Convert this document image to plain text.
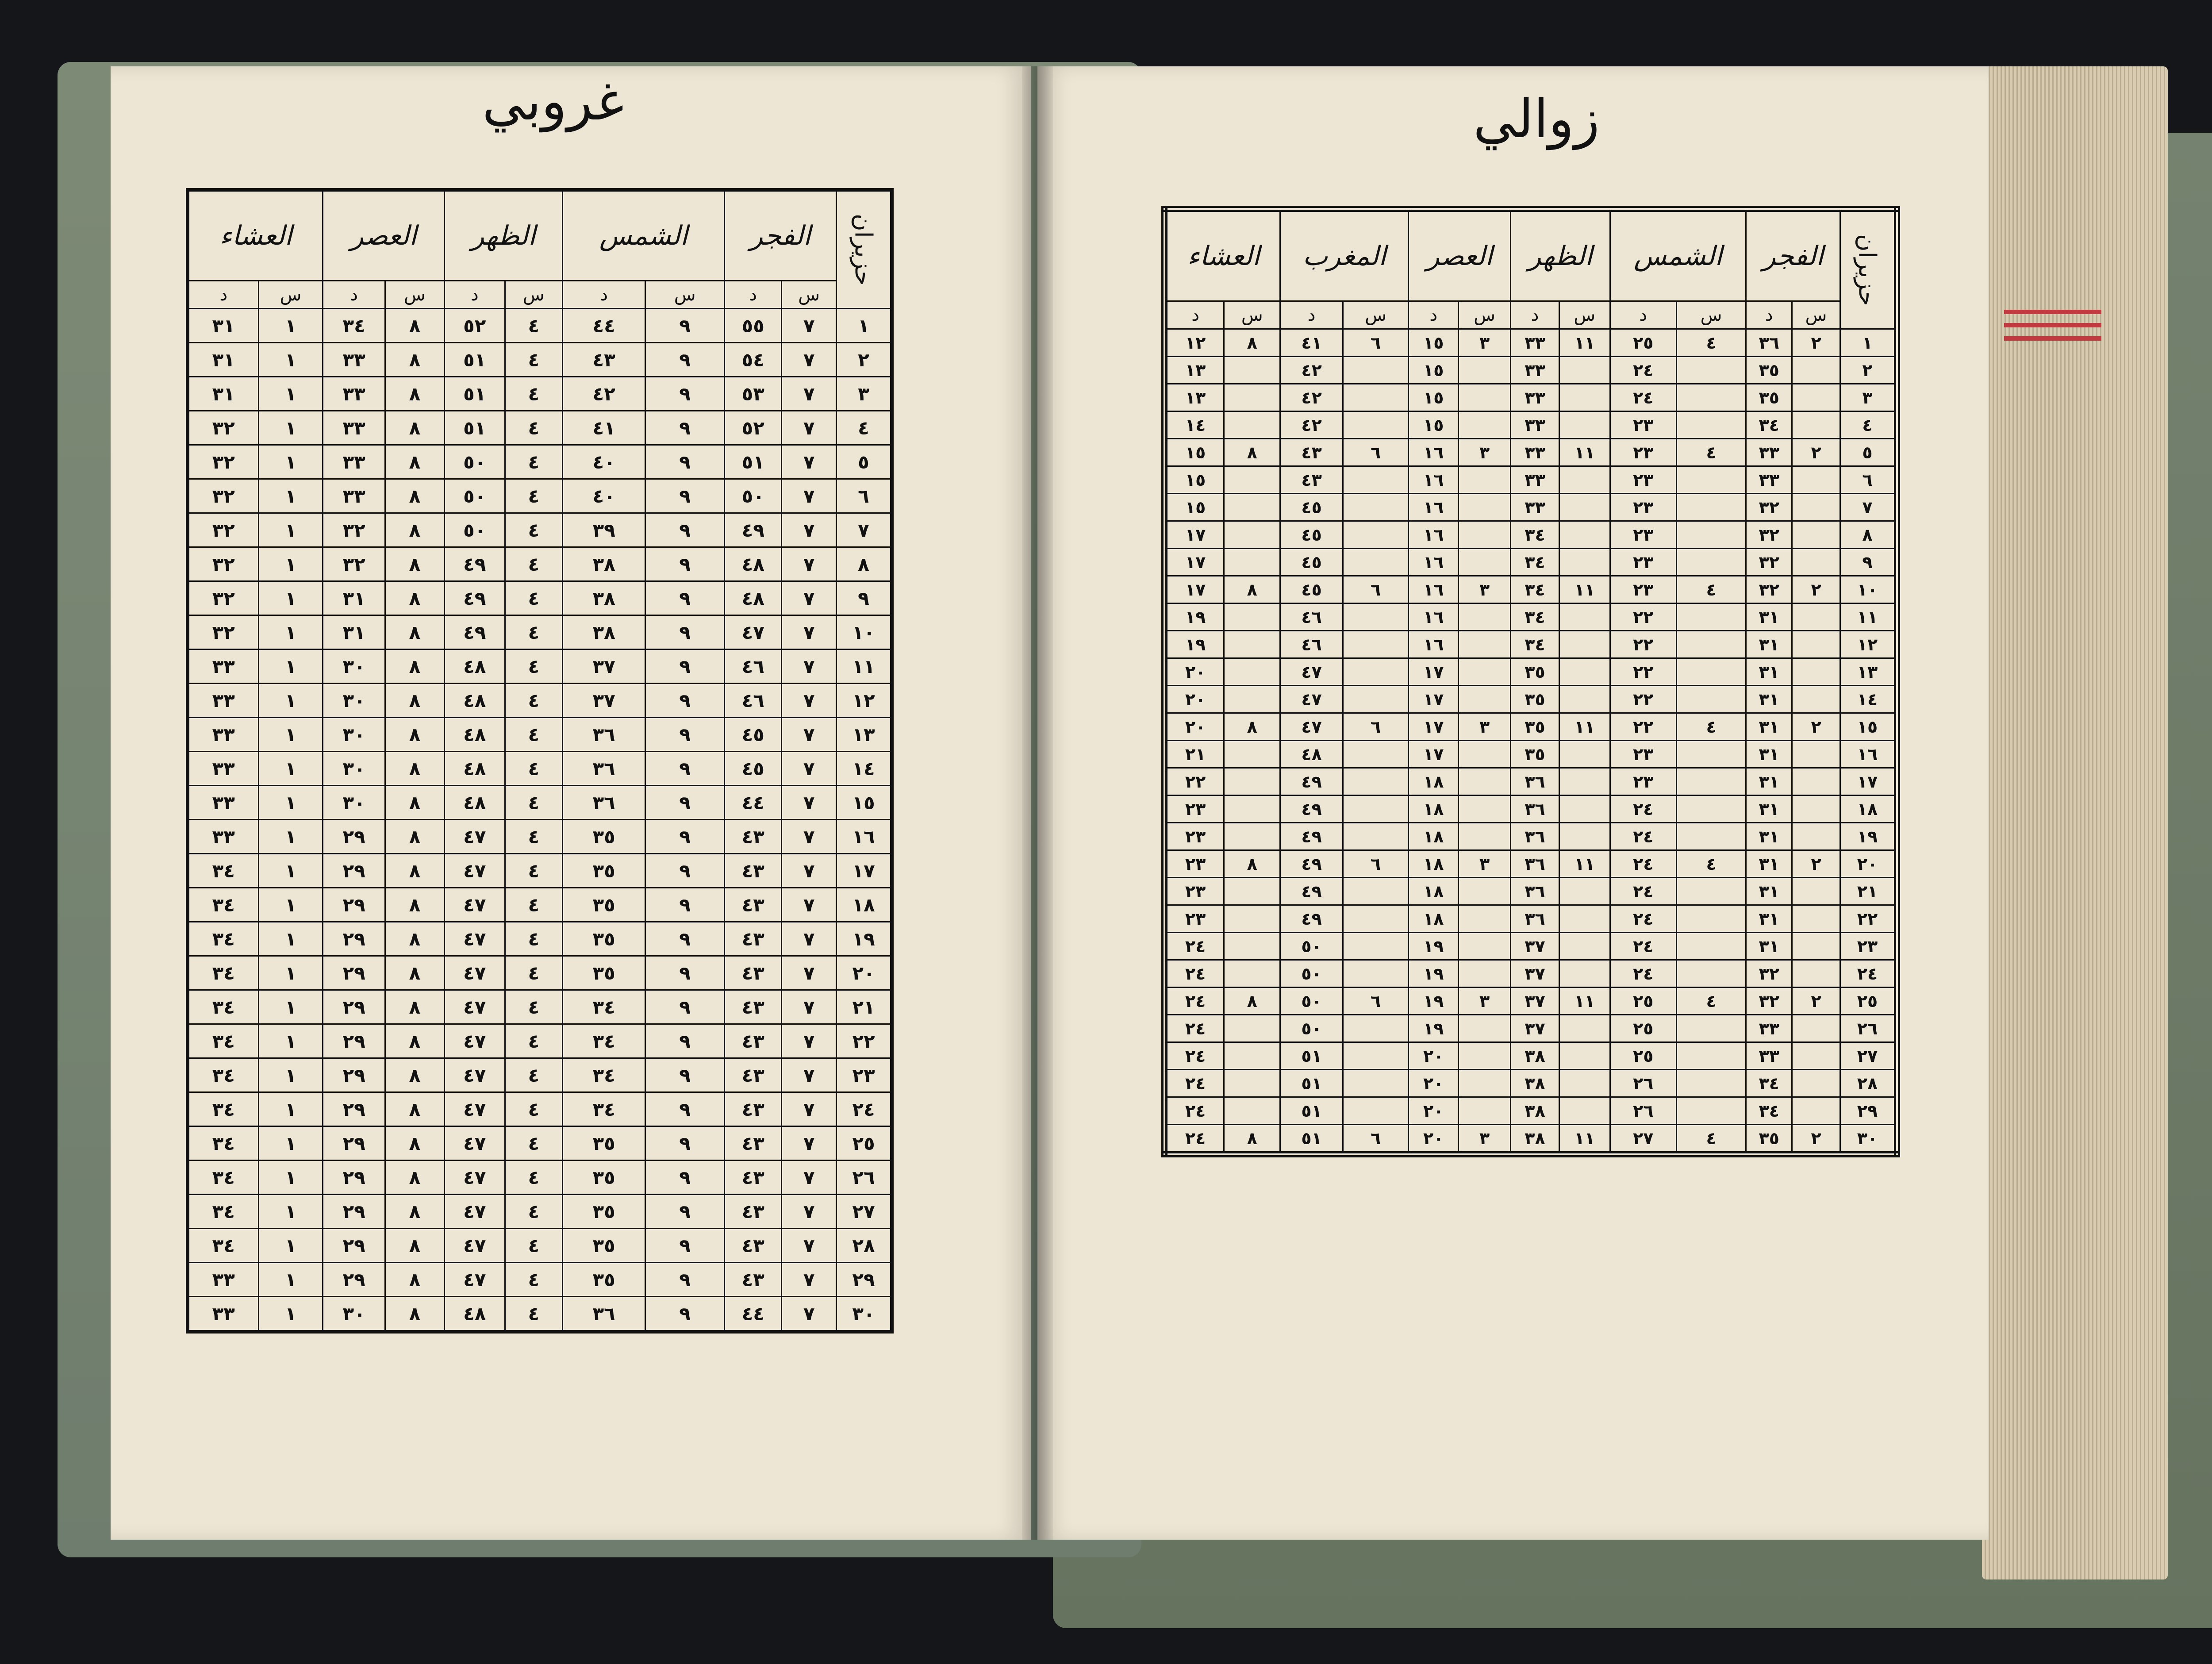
غروبي	زوالي
حزيران	الفجر		الشمس		الظهر		العصر		العشاء	
	س	د	س	د	س	د	س	د	س	د
١	٧	٥٥	٩	٤٤	٤	٥٢	٨	٣٤	١	٣١
٢	٧	٥٤	٩	٤٣	٤	٥١	٨	٣٣	١	٣١
٣	٧	٥٣	٩	٤٢	٤	٥١	٨	٣٣	١	٣١
٤	٧	٥٢	٩	٤١	٤	٥١	٨	٣٣	١	٣٢
٥	٧	٥١	٩	٤٠	٤	٥٠	٨	٣٣	١	٣٢
٦	٧	٥٠	٩	٤٠	٤	٥٠	٨	٣٣	١	٣٢
٧	٧	٤٩	٩	٣٩	٤	٥٠	٨	٣٢	١	٣٢
٨	٧	٤٨	٩	٣٨	٤	٤٩	٨	٣٢	١	٣٢
٩	٧	٤٨	٩	٣٨	٤	٤٩	٨	٣١	١	٣٢
١٠	٧	٤٧	٩	٣٨	٤	٤٩	٨	٣١	١	٣٢
١١	٧	٤٦	٩	٣٧	٤	٤٨	٨	٣٠	١	٣٣
١٢	٧	٤٦	٩	٣٧	٤	٤٨	٨	٣٠	١	٣٣
١٣	٧	٤٥	٩	٣٦	٤	٤٨	٨	٣٠	١	٣٣
١٤	٧	٤٥	٩	٣٦	٤	٤٨	٨	٣٠	١	٣٣
١٥	٧	٤٤	٩	٣٦	٤	٤٨	٨	٣٠	١	٣٣
١٦	٧	٤٣	٩	٣٥	٤	٤٧	٨	٢٩	١	٣٣
١٧	٧	٤٣	٩	٣٥	٤	٤٧	٨	٢٩	١	٣٤
١٨	٧	٤٣	٩	٣٥	٤	٤٧	٨	٢٩	١	٣٤
١٩	٧	٤٣	٩	٣٥	٤	٤٧	٨	٢٩	١	٣٤
٢٠	٧	٤٣	٩	٣٥	٤	٤٧	٨	٢٩	١	٣٤
٢١	٧	٤٣	٩	٣٤	٤	٤٧	٨	٢٩	١	٣٤
٢٢	٧	٤٣	٩	٣٤	٤	٤٧	٨	٢٩	١	٣٤
٢٣	٧	٤٣	٩	٣٤	٤	٤٧	٨	٢٩	١	٣٤
٢٤	٧	٤٣	٩	٣٤	٤	٤٧	٨	٢٩	١	٣٤
٢٥	٧	٤٣	٩	٣٥	٤	٤٧	٨	٢٩	١	٣٤
٢٦	٧	٤٣	٩	٣٥	٤	٤٧	٨	٢٩	١	٣٤
٢٧	٧	٤٣	٩	٣٥	٤	٤٧	٨	٢٩	١	٣٤
٢٨	٧	٤٣	٩	٣٥	٤	٤٧	٨	٢٩	١	٣٤
٢٩	٧	٤٣	٩	٣٥	٤	٤٧	٨	٢٩	١	٣٣
٣٠	٧	٤٤	٩	٣٦	٤	٤٨	٨	٣٠	١	٣٣
حزيران	الفجر		الشمس		الظهر		العصر		المغرب		العشاء	
	س	د	س	د	س	د	س	د	س	د	س	د
١	٢	٣٦	٤	٢٥	١١	٣٣	٣	١٥	٦	٤١	٨	١٢
٢		٣٥		٢٤		٣٣		١٥		٤٢		١٣
٣		٣٥		٢٤		٣٣		١٥		٤٢		١٣
٤		٣٤		٢٣		٣٣		١٥		٤٢		١٤
٥	٢	٣٣	٤	٢٣	١١	٣٣	٣	١٦	٦	٤٣	٨	١٥
٦		٣٣		٢٣		٣٣		١٦		٤٣		١٥
٧		٣٢		٢٣		٣٣		١٦		٤٥		١٥
٨		٣٢		٢٣		٣٤		١٦		٤٥		١٧
٩		٣٢		٢٣		٣٤		١٦		٤٥		١٧
١٠	٢	٣٢	٤	٢٣	١١	٣٤	٣	١٦	٦	٤٥	٨	١٧
١١		٣١		٢٢		٣٤		١٦		٤٦		١٩
١٢		٣١		٢٢		٣٤		١٦		٤٦		١٩
١٣		٣١		٢٢		٣٥		١٧		٤٧		٢٠
١٤		٣١		٢٢		٣٥		١٧		٤٧		٢٠
١٥	٢	٣١	٤	٢٢	١١	٣٥	٣	١٧	٦	٤٧	٨	٢٠
١٦		٣١		٢٣		٣٥		١٧		٤٨		٢١
١٧		٣١		٢٣		٣٦		١٨		٤٩		٢٢
١٨		٣١		٢٤		٣٦		١٨		٤٩		٢٣
١٩		٣١		٢٤		٣٦		١٨		٤٩		٢٣
٢٠	٢	٣١	٤	٢٤	١١	٣٦	٣	١٨	٦	٤٩	٨	٢٣
٢١		٣١		٢٤		٣٦		١٨		٤٩		٢٣
٢٢		٣١		٢٤		٣٦		١٨		٤٩		٢٣
٢٣		٣١		٢٤		٣٧		١٩		٥٠		٢٤
٢٤		٣٢		٢٤		٣٧		١٩		٥٠		٢٤
٢٥	٢	٣٢	٤	٢٥	١١	٣٧	٣	١٩	٦	٥٠	٨	٢٤
٢٦		٣٣		٢٥		٣٧		١٩		٥٠		٢٤
٢٧		٣٣		٢٥		٣٨		٢٠		٥١		٢٤
٢٨		٣٤		٢٦		٣٨		٢٠		٥١		٢٤
٢٩		٣٤		٢٦		٣٨		٢٠		٥١		٢٤
٣٠	٢	٣٥	٤	٢٧	١١	٣٨	٣	٢٠	٦	٥١	٨	٢٤
